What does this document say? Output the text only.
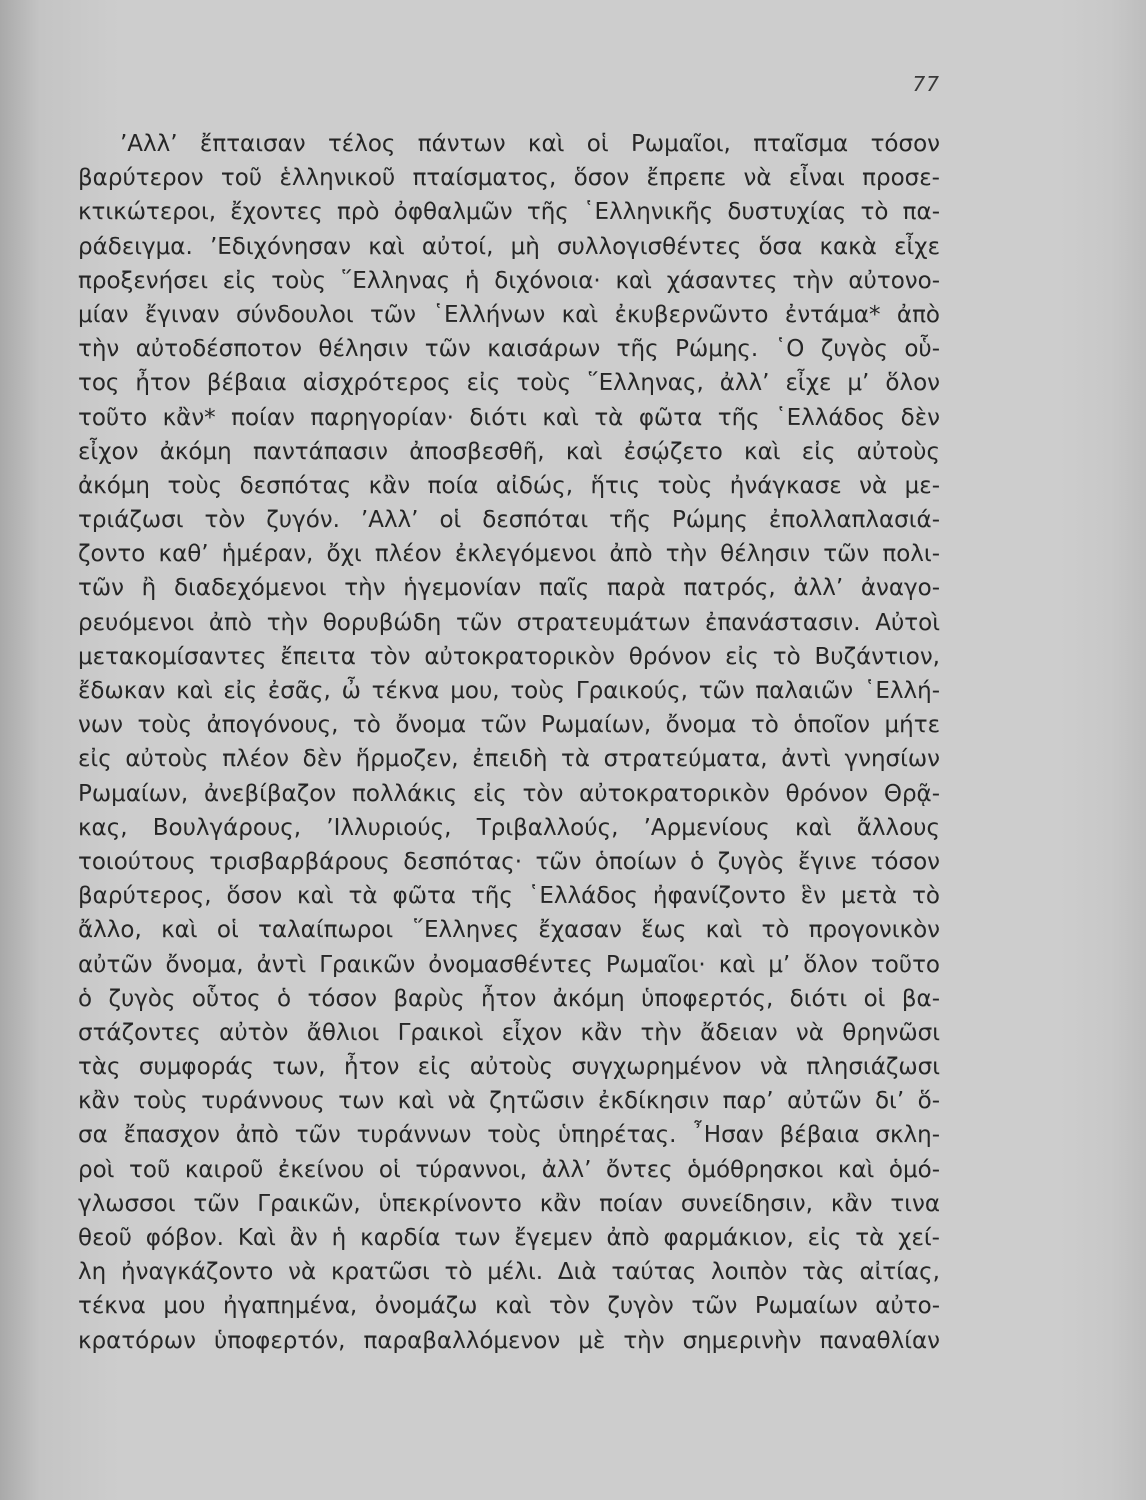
77
’Αλλ’ ἔπταισαν τέλος πάντων καὶ οἱ Ρωμαῖοι, πταῖσμα τόσον
βαρύτερον τοῦ ἑλληνικοῦ πταίσματος, ὅσον ἔπρεπε νὰ εἶναι προσε-
κτικώτεροι, ἔχοντες πρὸ ὀφθαλμῶν τῆς ῾Ελληνικῆς δυστυχίας τὸ πα-
ράδειγμα. ’Εδιχόνησαν καὶ αὐτοί, μὴ συλλογισθέντες ὅσα κακὰ εἶχε
προξενήσει εἰς τοὺς ῞Ελληνας ἡ διχόνοια· καὶ χάσαντες τὴν αὐτονο-
μίαν ἔγιναν σύνδουλοι τῶν ῾Ελλήνων καὶ ἐκυβερνῶντο ἐντάμα* ἀπὸ
τὴν αὐτοδέσποτον θέλησιν τῶν καισάρων τῆς Ρώμης. ῾Ο ζυγὸς οὗ-
τος ἦτον βέβαια αἰσχρότερος εἰς τοὺς ῞Ελληνας, ἀλλ’ εἶχε μ’ ὅλον
τοῦτο κἂν* ποίαν παρηγορίαν· διότι καὶ τὰ φῶτα τῆς ῾Ελλάδος δὲν
εἶχον ἀκόμη παντάπασιν ἀποσβεσθῆ, καὶ ἐσῴζετο καὶ εἰς αὐτοὺς
ἀκόμη τοὺς δεσπότας κἂν ποία αἰδώς, ἥτις τοὺς ἠνάγκασε νὰ με-
τριάζωσι τὸν ζυγόν. ’Αλλ’ οἱ δεσπόται τῆς Ρώμης ἐπολλαπλασιά-
ζοντο καθ’ ἡμέραν, ὄχι πλέον ἐκλεγόμενοι ἀπὸ τὴν θέλησιν τῶν πολι-
τῶν ἢ διαδεχόμενοι τὴν ἡγεμονίαν παῖς παρὰ πατρός, ἀλλ’ ἀναγο-
ρευόμενοι ἀπὸ τὴν θορυβώδη τῶν στρατευμάτων ἐπανάστασιν. Αὐτοὶ
μετακομίσαντες ἔπειτα τὸν αὐτοκρατορικὸν θρόνον εἰς τὸ Βυζάντιον,
ἔδωκαν καὶ εἰς ἐσᾶς, ὦ τέκνα μου, τοὺς Γραικούς, τῶν παλαιῶν ῾Ελλή-
νων τοὺς ἀπογόνους, τὸ ὄνομα τῶν Ρωμαίων, ὄνομα τὸ ὁποῖον μήτε
εἰς αὐτοὺς πλέον δὲν ἥρμοζεν, ἐπειδὴ τὰ στρατεύματα, ἀντὶ γνησίων
Ρωμαίων, ἀνεβίβαζον πολλάκις εἰς τὸν αὐτοκρατορικὸν θρόνον Θρᾷ-
κας, Βουλγάρους, ’Ιλλυριούς, Τριβαλλούς, ’Αρμενίους καὶ ἄλλους
τοιούτους τρισβαρβάρους δεσπότας· τῶν ὁποίων ὁ ζυγὸς ἔγινε τόσον
βαρύτερος, ὅσον καὶ τὰ φῶτα τῆς ῾Ελλάδος ἠφανίζοντο ἓν μετὰ τὸ
ἄλλο, καὶ οἱ ταλαίπωροι ῞Ελληνες ἔχασαν ἕως καὶ τὸ προγονικὸν
αὐτῶν ὄνομα, ἀντὶ Γραικῶν ὀνομασθέντες Ρωμαῖοι· καὶ μ’ ὅλον τοῦτο
ὁ ζυγὸς οὗτος ὁ τόσον βαρὺς ἦτον ἀκόμη ὑποφερτός, διότι οἱ βα-
στάζοντες αὐτὸν ἄθλιοι Γραικοὶ εἶχον κἂν τὴν ἄδειαν νὰ θρηνῶσι
τὰς συμφοράς των, ἦτον εἰς αὐτοὺς συγχωρημένον νὰ πλησιάζωσι
κἂν τοὺς τυράννους των καὶ νὰ ζητῶσιν ἐκδίκησιν παρ’ αὐτῶν δι’ ὅ-
σα ἔπασχον ἀπὸ τῶν τυράννων τοὺς ὑπηρέτας. ῏Ησαν βέβαια σκλη-
ροὶ τοῦ καιροῦ ἐκείνου οἱ τύραννοι, ἀλλ’ ὄντες ὁμόθρησκοι καὶ ὁμό-
γλωσσοι τῶν Γραικῶν, ὑπεκρίνοντο κἂν ποίαν συνείδησιν, κἂν τινα
θεοῦ φόβον. Καὶ ἂν ἡ καρδία των ἔγεμεν ἀπὸ φαρμάκιον, εἰς τὰ χεί-
λη ἠναγκάζοντο νὰ κρατῶσι τὸ μέλι. Διὰ ταύτας λοιπὸν τὰς αἰτίας,
τέκνα μου ἠγαπημένα, ὀνομάζω καὶ τὸν ζυγὸν τῶν Ρωμαίων αὐτο-
κρατόρων ὑποφερτόν, παραβαλλόμενον μὲ τὴν σημερινὴν παναθλίαν
